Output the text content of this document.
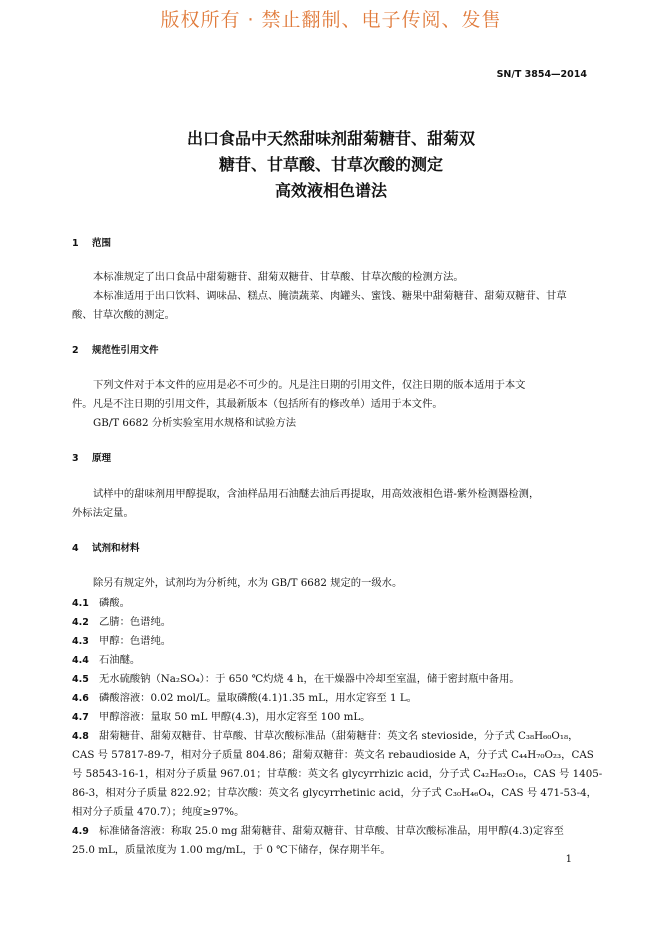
版权所有 · 禁止翻制、电子传阅、发售
SN/T 3854—2014
出口食品中天然甜味剂甜菊糖苷、甜菊双
糖苷、甘草酸、甘草次酸的测定
高效液相色谱法
1 范围
本标准规定了出口食品中甜菊糖苷、甜菊双糖苷、甘草酸、甘草次酸的检测方法。
本标准适用于出口饮料、调味品、糕点、腌渍蔬菜、肉罐头、蜜饯、糖果中甜菊糖苷、甜菊双糖苷、甘草
酸、甘草次酸的测定。
2 规范性引用文件
下列文件对于本文件的应用是必不可少的。凡是注日期的引用文件，仅注日期的版本适用于本文
件。凡是不注日期的引用文件，其最新版本（包括所有的修改单）适用于本文件。
GB/T 6682 分析实验室用水规格和试验方法
3 原理
试样中的甜味剂用甲醇提取，含油样品用石油醚去油后再提取，用高效液相色谱-紫外检测器检测，
外标法定量。
4 试剂和材料
除另有规定外，试剂均为分析纯，水为 GB/T 6682 规定的一级水。
4.1 磷酸。
4.2 乙腈：色谱纯。
4.3 甲醇：色谱纯。
4.4 石油醚。
4.5 无水硫酸钠（Na₂SO₄）：于 650 ℃灼烧 4 h，在干燥器中冷却至室温，储于密封瓶中备用。
4.6 磷酸溶液：0.02 mol/L。量取磷酸(4.1)1.35 mL，用水定容至 1 L。
4.7 甲醇溶液：量取 50 mL 甲醇(4.3)，用水定容至 100 mL。
4.8 甜菊糖苷、甜菊双糖苷、甘草酸、甘草次酸标准品（甜菊糖苷：英文名 stevioside，分子式 C₃₈H₆₀O₁₈，
CAS 号 57817-89-7，相对分子质量 804.86；甜菊双糖苷：英文名 rebaudioside A，分子式 C₄₄H₇₀O₂₃，CAS
号 58543-16-1，相对分子质量 967.01；甘草酸：英文名 glycyrrhizic acid，分子式 C₄₂H₆₂O₁₆，CAS 号 1405-
86-3，相对分子质量 822.92；甘草次酸：英文名 glycyrrhetinic acid，分子式 C₃₀H₄₆O₄，CAS 号 471-53-4，
相对分子质量 470.7）；纯度≥97%。
4.9 标准储备溶液：称取 25.0 mg 甜菊糖苷、甜菊双糖苷、甘草酸、甘草次酸标准品，用甲醇(4.3)定容至
25.0 mL，质量浓度为 1.00 mg/mL，于 0 ℃下储存，保存期半年。
1
